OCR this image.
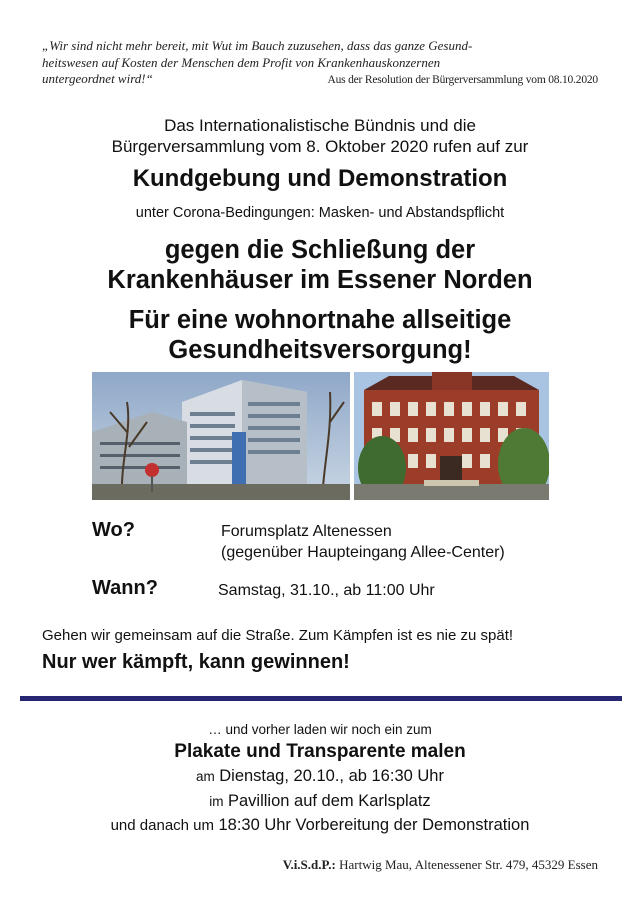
„Wir sind nicht mehr bereit, mit Wut im Bauch zuzusehen, dass das ganze Gesund-
heitswesen auf Kosten der Menschen dem Profit von Krankenhauskonzernen
untergeordnet wird!“	Aus der Resolution der Bürgerversammlung vom 08.10.2020
Das Internationalistische Bündnis und die
Bürgerversammlung vom 8. Oktober 2020 rufen auf zur
Kundgebung und Demonstration
unter Corona-Bedingungen: Masken- und Abstandspflicht
gegen die Schließung der
Krankenhäuser im Essener Norden
Für eine wohnortnahe allseitige
Gesundheitsversorgung!
Wo?	Forumsplatz Altenessen
(gegenüber Haupteingang Allee-Center)
Wann?	Samstag, 31.10., ab 11:00 Uhr
Gehen wir gemeinsam auf die Straße. Zum Kämpfen ist es nie zu spät!
Nur wer kämpft, kann gewinnen!
… und vorher laden wir noch ein zum
Plakate und Transparente malen
am Dienstag, 20.10., ab 16:30 Uhr
im Pavillion auf dem Karlsplatz
und danach um 18:30 Uhr Vorbereitung der Demonstration
V.i.S.d.P.: Hartwig Mau, Altenessener Str. 479, 45329 Essen
